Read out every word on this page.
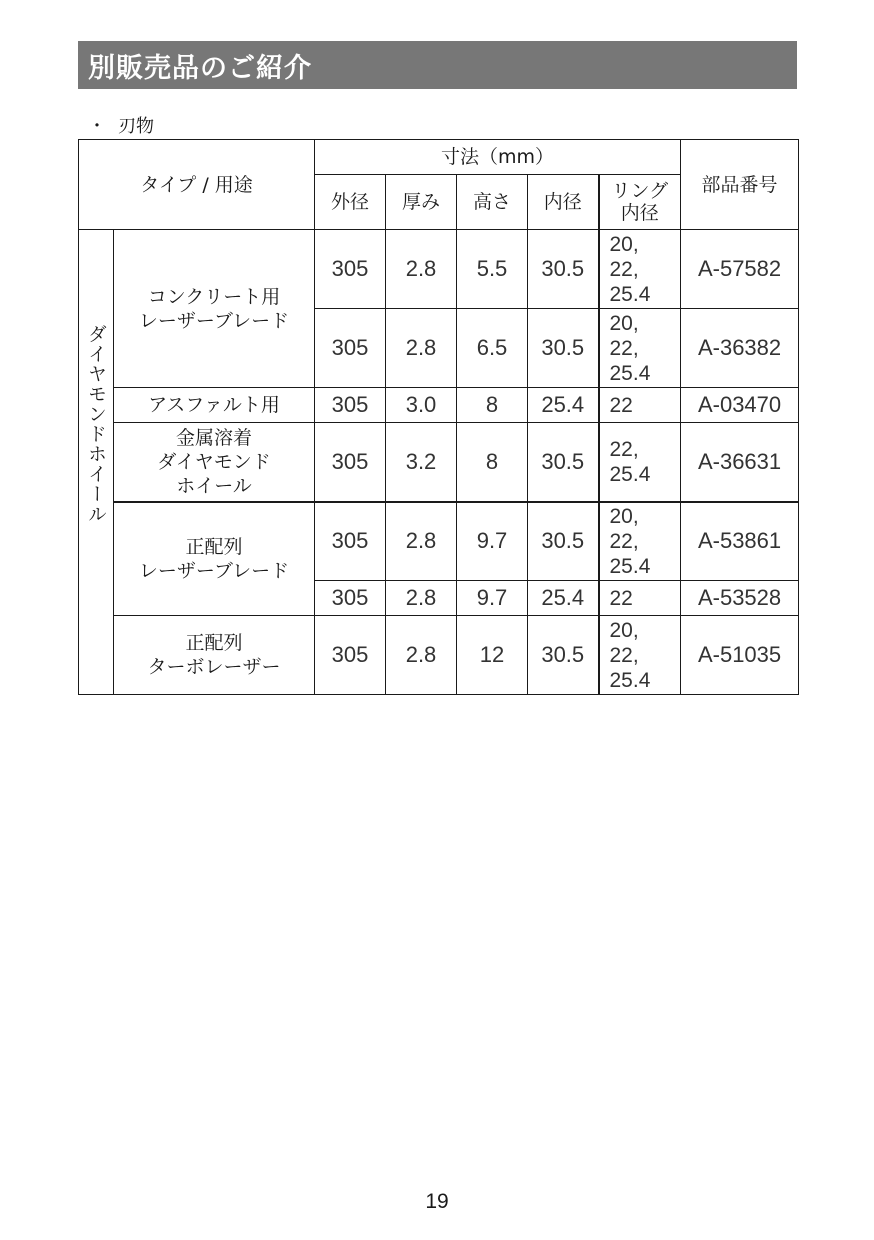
別販売品のご紹介
・ 刃物
タイプ / 用途		寸法（mm）					部品番号
		外径	厚み	高さ	内径	リング
内径	

ダイヤモンドホイール	コンクリート用
レーザーブレード	305	2.8	5.5	30.5	20,
22,
25.4	A-57582
		305	2.8	6.5	30.5	20,
22,
25.4	A-36382

	アスファルト用	305	3.0	8	25.4	22	A-03470

	金属溶着
ダイヤモンド
ホイール	305	3.2	8	30.5	22,
25.4	A-36631

	正配列
レーザーブレード	305	2.8	9.7	30.5	20,
22,
25.4	A-53861
		305	2.8	9.7	25.4	22	A-53528

	正配列
ターボレーザー	305	2.8	12	30.5	20,
22,
25.4	A-51035
19
